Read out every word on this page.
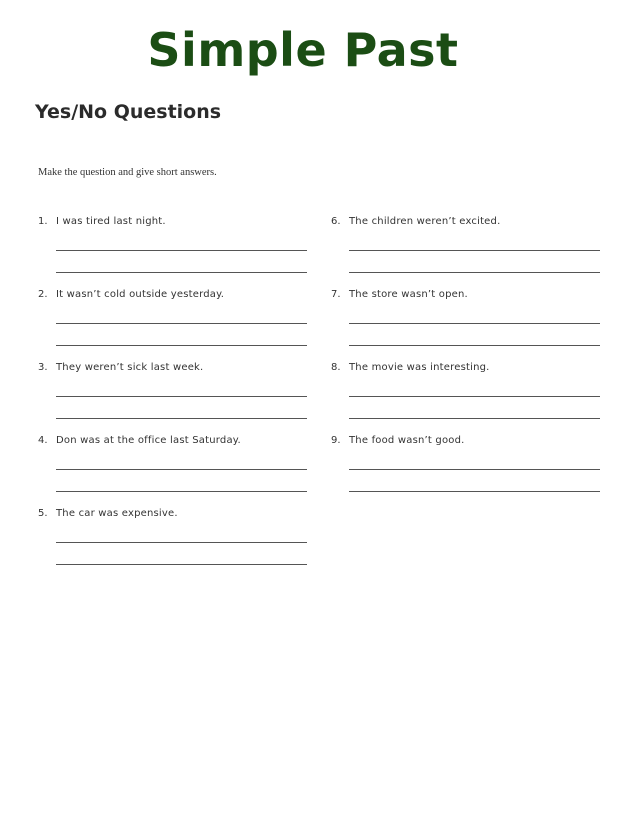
Simple Past
Yes/No Questions
Make the question and give short answers.
1. I was tired last night.
2. It wasn’t cold outside yesterday.
3. They weren’t sick last week.
4. Don was at the office last Saturday.
5. The car was expensive.
6. The children weren’t excited.
7. The store wasn’t open.
8. The movie was interesting.
9. The food wasn’t good.
